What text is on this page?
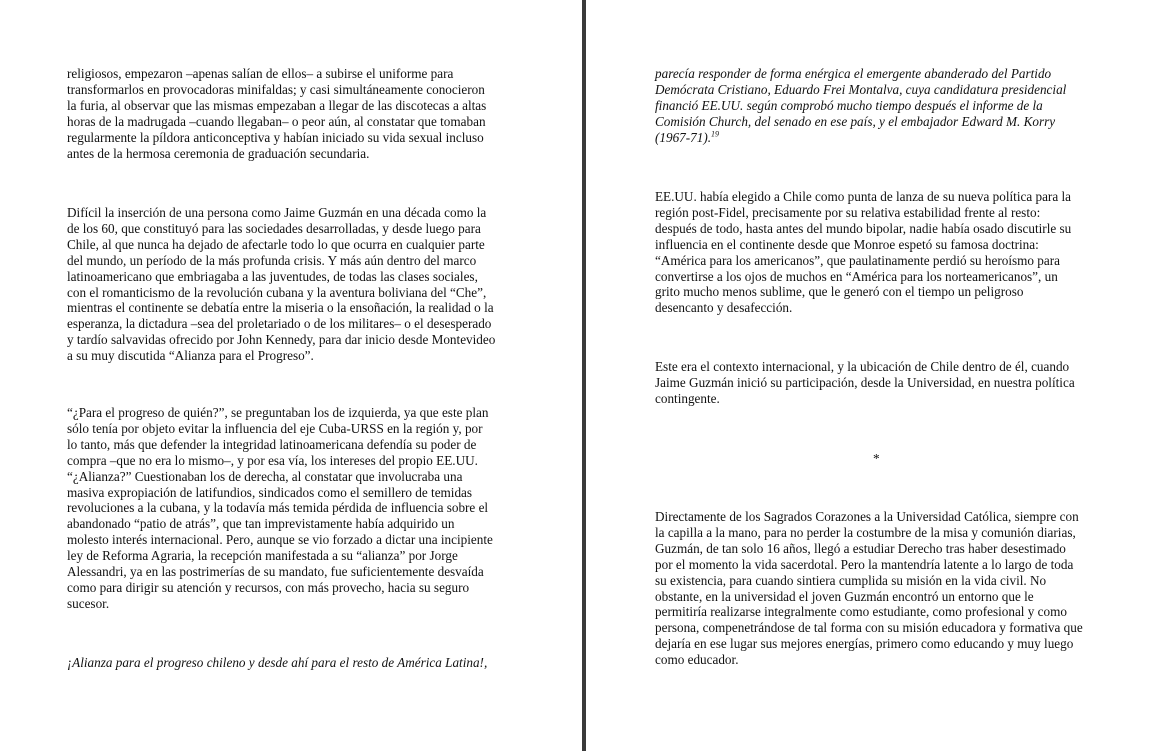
religiosos, empezaron –apenas salían de ellos– a subirse el uniforme para
transformarlos en provocadoras minifaldas; y casi simultáneamente conocieron
la furia, al observar que las mismas empezaban a llegar de las discotecas a altas
horas de la madrugada –cuando llegaban– o peor aún, al constatar que tomaban
regularmente la píldora anticonceptiva y habían iniciado su vida sexual incluso
antes de la hermosa ceremonia de graduación secundaria.

Difícil la inserción de una persona como Jaime Guzmán en una década como la
de los 60, que constituyó para las sociedades desarrolladas, y desde luego para
Chile, al que nunca ha dejado de afectarle todo lo que ocurra en cualquier parte
del mundo, un período de la más profunda crisis. Y más aún dentro del marco
latinoamericano que embriagaba a las juventudes, de todas las clases sociales,
con el romanticismo de la revolución cubana y la aventura boliviana del “Che”,
mientras el continente se debatía entre la miseria o la ensoñación, la realidad o la
esperanza, la dictadura –sea del proletariado o de los militares– o el desesperado
y tardío salvavidas ofrecido por John Kennedy, para dar inicio desde Montevideo
a su muy discutida “Alianza para el Progreso”.

“¿Para el progreso de quién?”, se preguntaban los de izquierda, ya que este plan
sólo tenía por objeto evitar la influencia del eje Cuba-URSS en la región y, por
lo tanto, más que defender la integridad latinoamericana defendía su poder de
compra –que no era lo mismo–, y por esa vía, los intereses del propio EE.UU.
“¿Alianza?” Cuestionaban los de derecha, al constatar que involucraba una
masiva expropiación de latifundios, sindicados como el semillero de temidas
revoluciones a la cubana, y la todavía más temida pérdida de influencia sobre el
abandonado “patio de atrás”, que tan imprevistamente había adquirido un
molesto interés internacional. Pero, aunque se vio forzado a dictar una incipiente
ley de Reforma Agraria, la recepción manifestada a su “alianza” por Jorge
Alessandri, ya en las postrimerías de su mandato, fue suficientemente desvaída
como para dirigir su atención y recursos, con más provecho, hacia su seguro
sucesor.

¡Alianza para el progreso chileno y desde ahí para el resto de América Latina!,

parecía responder de forma enérgica el emergente abanderado del Partido
Demócrata Cristiano, Eduardo Frei Montalva, cuya candidatura presidencial
financió EE.UU. según comprobó mucho tiempo después el informe de la
Comisión Church, del senado en ese país, y el embajador Edward M. Korry
(1967-71).$^{19}$

EE.UU. había elegido a Chile como punta de lanza de su nueva política para la
región post-Fidel, precisamente por su relativa estabilidad frente al resto:
después de todo, hasta antes del mundo bipolar, nadie había osado discutirle su
influencia en el continente desde que Monroe espetó su famosa doctrina:
“América para los americanos”, que paulatinamente perdió su heroísmo para
convertirse a los ojos de muchos en “América para los norteamericanos”, un
grito mucho menos sublime, que le generó con el tiempo un peligroso
desencanto y desafección.

Este era el contexto internacional, y la ubicación de Chile dentro de él, cuando
Jaime Guzmán inició su participación, desde la Universidad, en nuestra política
contingente.

*

Directamente de los Sagrados Corazones a la Universidad Católica, siempre con
la capilla a la mano, para no perder la costumbre de la misa y comunión diarias,
Guzmán, de tan solo 16 años, llegó a estudiar Derecho tras haber desestimado
por el momento la vida sacerdotal. Pero la mantendría latente a lo largo de toda
su existencia, para cuando sintiera cumplida su misión en la vida civil. No
obstante, en la universidad el joven Guzmán encontró un entorno que le
permitiría realizarse integralmente como estudiante, como profesional y como
persona, compenetrándose de tal forma con su misión educadora y formativa que
dejaría en ese lugar sus mejores energías, primero como educando y muy luego
como educador.
